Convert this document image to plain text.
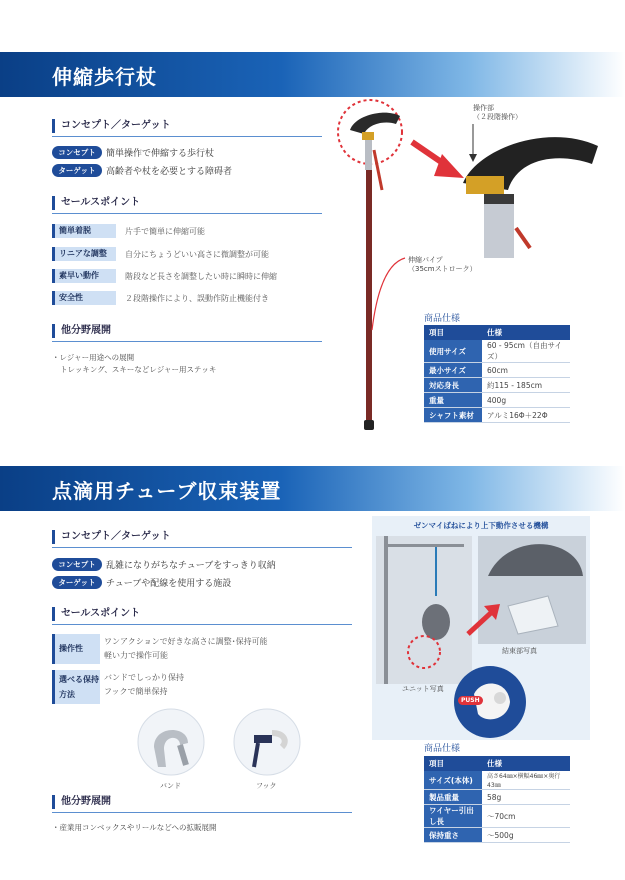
伸縮歩行杖
コンセプト／ターゲット
コンセプト	簡単操作で伸縮する歩行杖
ターゲット	高齢者や杖を必要とする障碍者
セールスポイント
簡単着脱	片手で簡単に伸縮可能
リニアな調整	自分にちょうどいい高さに微調整が可能
素早い動作	階段など長さを調整したい時に瞬時に伸縮
安全性	２段階操作により、誤動作防止機能付き
他分野展開
・レジャー用途への展開
トレッキング、スキーなどレジャー用ステッキ
操作部
（２段階操作）
伸縮パイプ
（35cmストローク）
商品仕様
項目	仕様
使用サイズ	60 - 95cm（自由サイズ）
最小サイズ	60cm
対応身長	約115 - 185cm
重量	400g
シャフト素材	アルミ16Φ＋22Φ
点滴用チューブ収束装置
コンセプト／ターゲット
コンセプト	乱雑になりがちなチューブをすっきり収納
ターゲット	チューブや配線を使用する施設
セールスポイント
操作性
ワンアクションで好きな高さに調整･保持可能
軽い力で操作可能
選べる保持方法
バンドでしっかり保持
フックで簡単保持
バンド	フック
他分野展開
・産業用コンベックスやリールなどへの拡販展開
ゼンマイばねにより上下動作させる機構
ユニット写真
結束部写真
PUSH
商品仕様
項目	仕様
サイズ(本体)	高さ64㎜×横幅46㎜×奥行43㎜
製品重量	58g
ワイヤー引出し長	～70cm
保持重さ	～500g
